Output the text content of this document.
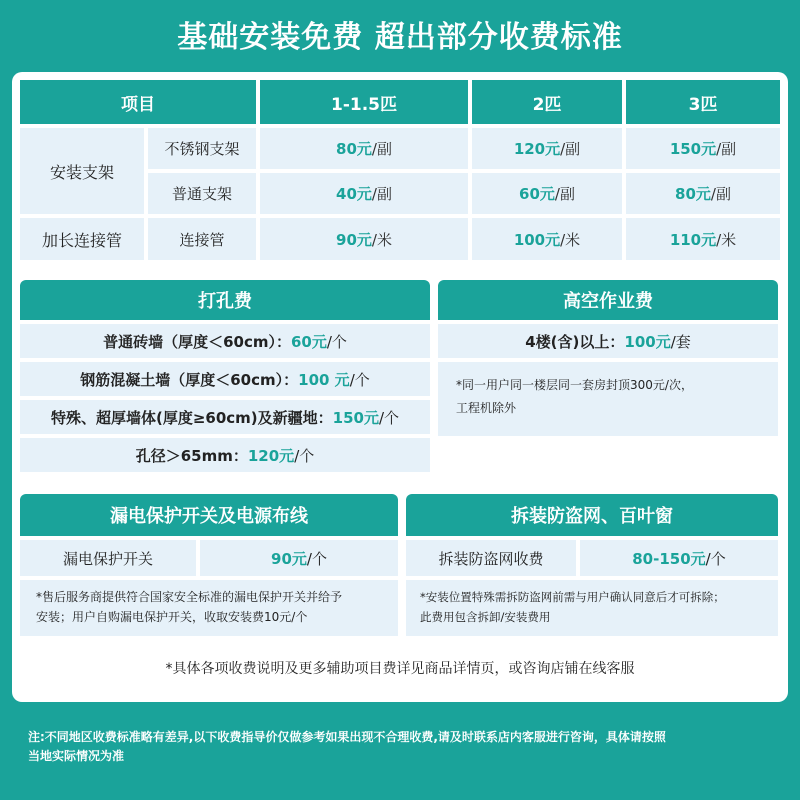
基础安装免费 超出部分收费标准
项目	1-1.5匹	2匹	3匹
安装支架
不锈钢支架	80元 /副	120元 /副	150元 /副
普通支架	40元 /副	60元 /副	80元 /副
加长连接管	连接管	90元 /米	100元 /米	110元 /米
打孔费
普通砖墙（厚度＜60cm）： 60元 /个
钢筋混凝土墙（厚度＜60cm）： 100 元 /个
特殊、超厚墙体(厚度≥60cm)及新疆地： 150元 /个
孔径＞65mm： 120元 /个
高空作业费
4楼(含)以上： 100元 /套
*同一用户同一楼层同一套房封顶300元/次，
工程机除外
漏电保护开关及电源布线
漏电保护开关	90元 /个
*售后服务商提供符合国家安全标准的漏电保护开关并给予
安装；用户自购漏电保护开关，收取安装费10元/个
拆装防盗网、百叶窗
拆装防盗网收费	80-150元 /个
*安装位置特殊需拆防盗网前需与用户确认同意后才可拆除；
此费用包含拆卸/安装费用
*具体各项收费说明及更多辅助项目费详见商品详情页，或咨询店铺在线客服
注:不同地区收费标准略有差异,以下收费指导价仅做参考如果出现不合理收费,请及时联系店内客服进行咨询，具体请按照
当地实际情况为准
